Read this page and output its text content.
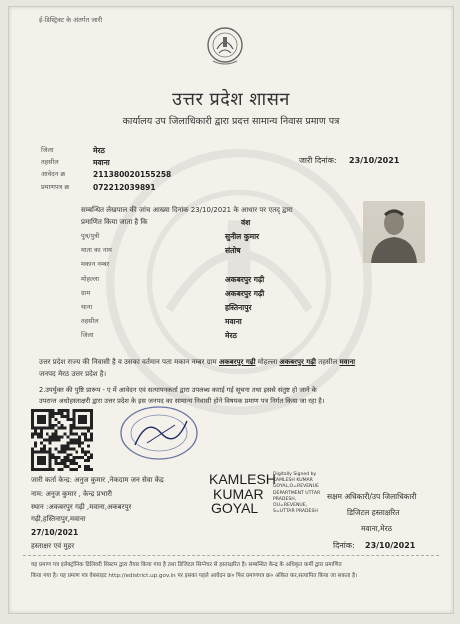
ई-डिस्ट्रिक्ट के अंतर्गत जारी
उत्तर प्रदेश शासन
कार्यालय उप जिलाधिकारी द्वारा प्रदत्त सामान्य निवास प्रमाण पत्र
जिला	मेरठ
तहसील	मवाना
आवेदन क्र	211380020155258
प्रमाणपत्र क्र	072212039891
जारी दिनांक: 23/10/2021
सम्बन्धित लेखपाल की जांच आख्या दिनांक 23/10/2021 के आधार पर एतद् द्वारा
प्रमाणित किया जाता है कि	वंश
पुत्र/पुत्री	सुनील कुमार
माता का नाम	संतोष
मकान नम्बर
मोहल्ला	अकबरपुर गढ़ी
ग्राम	अकबरपुर गढ़ी
थाना	हस्तिनापुर
तहसील	मवाना
जिला	मेरठ
उत्तर प्रदेश राज्य की निवासी है व उसका वर्तमान पता मकान नम्बर ग्राम अकबरपुर गढ़ी मोहल्ला अकबरपुर गढ़ी तहसील मवाना
जनपद मेरठ उत्तर प्रदेश है।
2.उपर्युक्त की पुष्टि प्रारूप - ए में आवेदन एवं सत्यापनकर्ता द्वारा उपलब्ध कराई गई सूचना तथा इससे संतुष्ट हो जाने के
उपरान्त अधोहस्ताक्षरी द्वारा उत्तर प्रदेश के इस जनपद का सामान्य निवासी होने विषयक प्रमाण पत्र निर्गत किया जा रहा है।
जारी कर्ता केन्द्र: अनुज कुमार ,नेकदाम जन सेवा केंद्र
नाम: अनुज कुमार , केन्द्र प्रभारी
स्थान :अकबरपुर गढ़ी ,मवाना,अकबरपुर
गढ़ी,हस्तिनापुर,मवाना
27/10/2021
हस्ताक्षर एवं मुहर
KAMLESH
KUMAR
GOYAL
Digitally Signed by
KAMLESH KUMAR
GOYAL,O=REVENUE
DEPARTMENT UTTAR
PRADESH,
OU=REVENUE,
S=UTTAR PRADESH
सक्षम अधिकारी/उप जिलाधिकारी
डिजिटल हस्ताक्षरित
मवाना,मेरठ
दिनांक: 23/10/2021
यह प्रमाण पत्र इलेक्ट्रॉनिक डिलिवरी सिस्टम द्वारा तैयार किया गया है तथा डिजिटल सिग्नेचर से हस्ताक्षरित है। सम्बन्धित केन्द्र के अधिकृत कर्मी द्वारा प्रमाणित
किया गया है। यह प्रमाण पत्र वेबसाइट http://edistrict.up.gov.in पर इसका पहले आवेदन क्र० फिर प्रमाणपत्र क्र० अंकित कर,सत्यापित किया जा सकता है।
